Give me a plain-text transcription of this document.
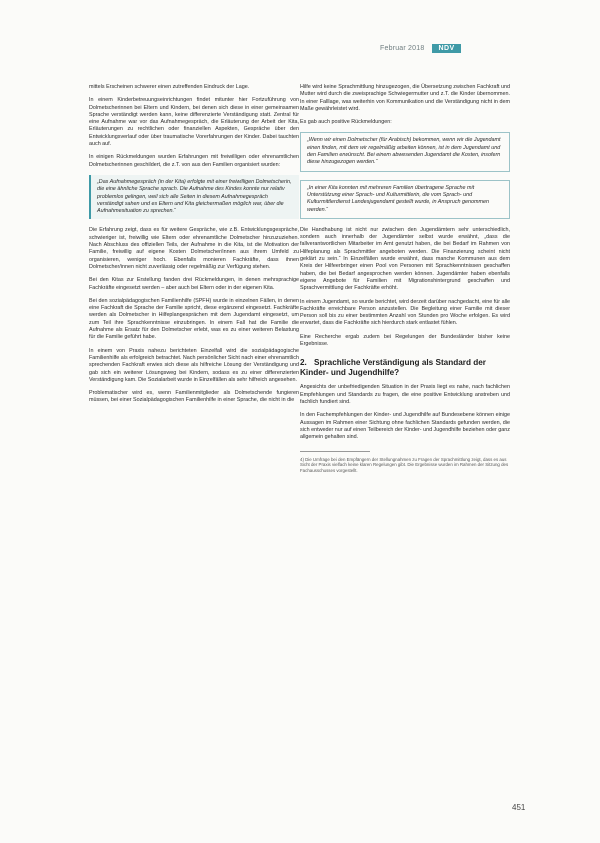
Februar 2018	NDV

mittels Erscheinen schwerer einen zutreffenden Eindruck der Lage.

In einem Kinderbetreuungseinrichtungen findet mitunter hier Fortzuführung von Dolmetscherinnen bei Eltern und Kindern, bei denen sich diese in einer gemeinsamen Sprache verständigt werden kann, keine differenzierte Verständigung statt. Zentral für eine Aufnahme war vor das Aufnahmegespräch, die Erläuterung der Arbeit der Kita, Erläuterungen zu rechtlichen oder finanziellen Aspekten, Gespräche über den Entwicklungsverlauf oder über traumatische Vorerfahrungen der Kinder. Dabei tauchten auch auf.

In einigen Rückmeldungen wurden Erfahrungen mit freiwilligen oder ehrenamtlichen Dolmetscherinnen geschildert, die z.T. von aus den Familien organisiert wurden:

„Das Aufnahmegespräch (in der Kita) erfolgte mit einer freiwilligen Dolmetscherin, die eine ähnliche Sprache sprach. Die Aufnahme des Kindes konnte nur relativ problemlos gelingen, weil sich alle Seiten in diesem Aufnahmegespräch verständigt sahen und es Eltern und Kita gleichermaßen möglich war, über die Aufnahmesituation zu sprechen.“

Die Erfahrung zeigt, dass es für weitere Gespräche, wie z.B. Entwicklungsgespräche, schwieriger ist, freiwillig wie Eltern oder ehrenamtliche Dolmetscher hinzuzuziehen. Nach Abschluss des offiziellen Teils, der Aufnahme in die Kita, ist die Motivation der Familie, freiwillig auf eigene Kosten Dolmetscher/innen aus ihrem Umfeld zu organisieren, weniger hoch. Ebenfalls monieren Fachkräfte, dass ihnen Dolmetscher/innen nicht zuverlässig oder regelmäßig zur Verfügung stehen.

Bei den Kitas zur Erstellung fanden drei Rückmeldungen, in denen mehrsprachige Fachkräfte eingesetzt werden – aber auch bei Eltern oder in der eigenen Kita.

Bei den sozialpädagogischen Familienhilfe (SPFH) wurde in einzelnen Fällen, in denen eine Fachkraft die Sprache der Familie spricht, diese ergänzend eingesetzt. Fachkräfte werden als Dolmetscher in Hilfeplangesprächen mit dem Jugendamt eingesetzt, um zum Teil ihre Sprachkenntnisse einzubringen. In einem Fall hat die Familie die Aufnahme als Ersatz für den Dolmetscher erlebt, was es zu einer weiteren Belastung für die Familie geführt habe.

In einem von Praxis nahezu berichteten Einzelfall wird die sozialpädagogische Familienhilfe als erfolgreich betrachtet. Nach persönlicher Sicht nach einer ehrenamtlich sprechenden Fachkraft erwies sich diese als hilfreiche Lösung der Verständigung und gab sich ein weiterer Lösungsweg bei Kindern, sodass es zu einer differenzierten Verständigung kam. Die Sozialarbeit wurde in Einzelfällen als sehr hilfreich angesehen.

Problematischer wird es, wenn Familienmitglieder als Dolmetschende fungieren müssen, bei einer Sozialpädagogischen Familienhilfe in einer Sprache, die nicht in die

Hilfe wird keine Sprachmittlung hinzugezogen, die Übersetzung zwischen Fachkraft und Mutter wird durch die zweisprachige Schwiegermutter und z.T. die Kinder übernommen. In einer Falllage, was weiterhin von Kommunikation und die Verständigung nicht in dem Maße gewährleistet wird.

Es gab auch positive Rückmeldungen:

„Wenn wir einen Dolmetscher (für Arabisch) bekommen, wenn wir die Jugendamt einen finden, mit dem wir regelmäßig arbeiten können, ist in dem Jugendamt und den Familien erwünscht. Bei einem abwesenden Jugendamt die Kosten, insofern diese hinzugezogen werden.“
„In einer Kita konnten mit mehreren Familien übertragene Sprache mit Unterstützung einer Sprach- und Kulturmittlerin, die vom Sprach- und Kulturmittlerdienst Landesjugendamt gestellt wurde, in Anspruch genommen werden.“

Die Handhabung ist nicht nur zwischen den Jugendämtern sehr unterschiedlich, sondern auch innerhalb der Jugendämter selbst wurde erwähnt, „dass die fallverantwortlichen Mitarbeiter im Amt genutzt haben, die bei Bedarf im Rahmen von Hilfeplanung als Sprachmittler angeboten werden. Die Finanzierung scheint nicht geklärt zu sein.“ In Einzelfällen wurde erwähnt, dass manche Kommunen aus dem Kreis der Hilfeerbringer einen Pool von Personen mit Sprachkenntnissen geschaffen haben, die bei Bedarf angesprochen werden können. Jugendämter haben ebenfalls eigene Angebote für Familien mit Migrationshintergrund geschaffen und Sprachvermittlung der Fachkräfte erhöht.

In einem Jugendamt, so wurde berichtet, wird derzeit darüber nachgedacht, eine für alle Fachkräfte erreichbare Person anzustellen. Die Begleitung einer Familie mit dieser Person soll bis zu einer bestimmten Anzahl von Stunden pro Woche erfolgen. Es wird erwartet, dass die Fachkräfte sich hierdurch stark entlastet fühlen.

Eine Recherche ergab zudem bei Regelungen der Bundesländer bisher keine Ergebnisse.

2. Sprachliche Verständigung als Standard der Kinder- und Jugendhilfe?

Angesichts der unbefriedigenden Situation in der Praxis liegt es nahe, nach fachlichen Empfehlungen und Standards zu fragen, die eine positive Entwicklung anstreben und fachlich fundiert sind.

In den Fachempfehlungen der Kinder- und Jugendhilfe auf Bundesebene können einige Aussagen im Rahmen einer Sichtung ohne fachlichen Standards gefunden werden, die sich entweder nur auf einen Teilbereich der Kinder- und Jugendhilfe beziehen oder ganz allgemein gehalten sind.

4) Die Umfrage bei den Empfängern der Stellungnahmen zu Fragen der Sprachmittlung zeigt, dass es aus Sicht der Praxis vielfach keine klaren Regelungen gibt. Die Ergebnisse wurden im Rahmen der Sitzung des Fachausschusses vorgestellt.

451
